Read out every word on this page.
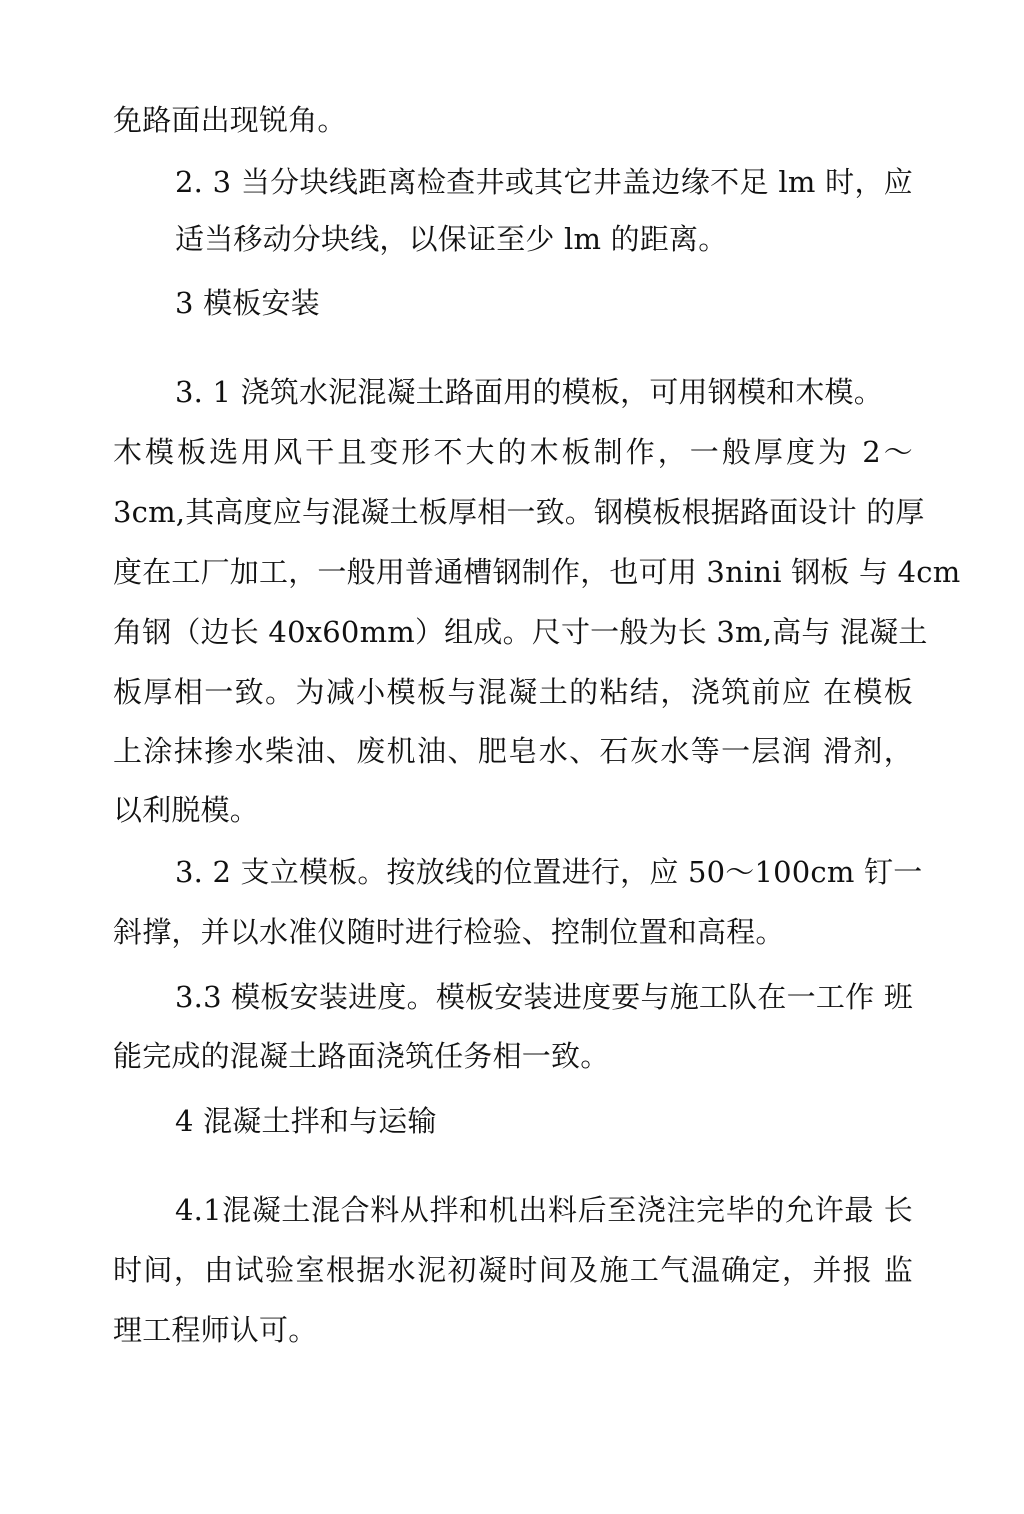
免路面出现锐角。
2. 3 当分块线距离检查井或其它井盖边缘不足 lm 时，应
适当移动分块线，以保证至少 lm 的距离。
3 模板安装
3. 1 浇筑水泥混凝土路面用的模板，可用钢模和木模。
木模板选用风干且变形不大的木板制作，一般厚度为 2～
3cm,其高度应与混凝土板厚相一致。钢模板根据路面设计 的厚
度在工厂加工，一般用普通槽钢制作，也可用 3nini 钢板 与 4cm
角钢（边长 40x60mm）组成。尺寸一般为长 3m,高与 混凝土
板厚相一致。为减小模板与混凝土的粘结，浇筑前应 在模板
上涂抹掺水柴油、废机油、肥皂水、石灰水等一层润 滑剂，
以利脱模。
3. 2 支立模板。按放线的位置进行，应 50～100cm 钉一
斜撑，并以水准仪随时进行检验、控制位置和高程。
3.3 模板安装进度。模板安装进度要与施工队在一工作 班
能完成的混凝土路面浇筑任务相一致。
4 混凝土拌和与运输
4.1混凝土混合料从拌和机出料后至浇注完毕的允许最 长
时间，由试验室根据水泥初凝时间及施工气温确定，并报 监
理工程师认可。
